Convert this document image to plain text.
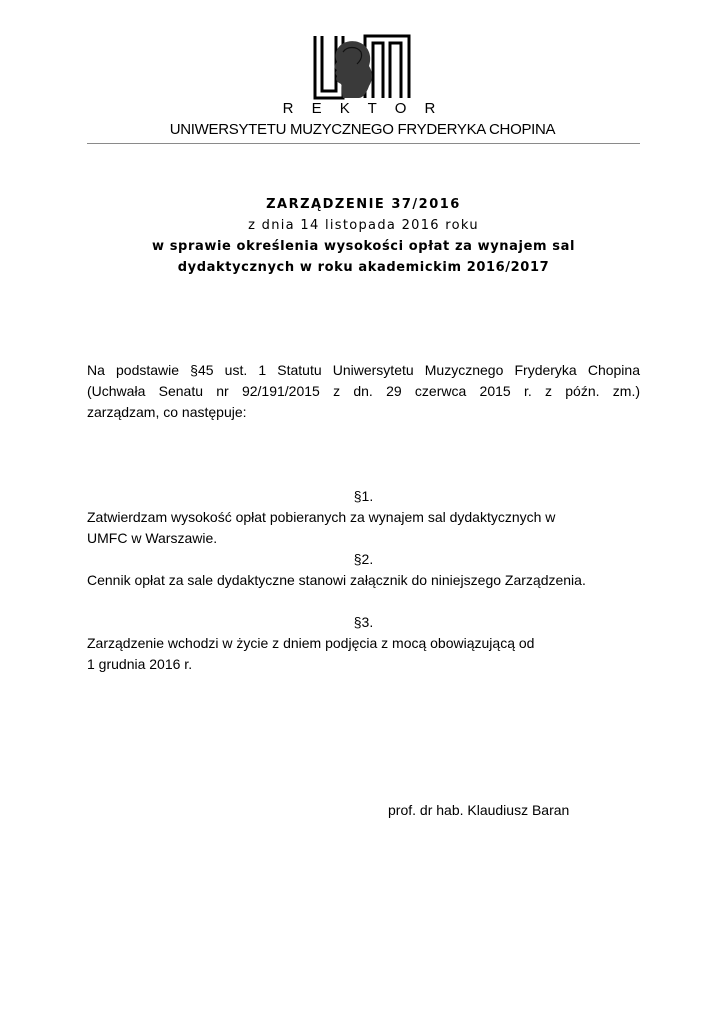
R E K T O R
UNIWERSYTETU MUZYCZNEGO FRYDERYKA CHOPINA
ZARZĄDZENIE 37/2016
z dnia 14 listopada 2016 roku
w sprawie określenia wysokości opłat za wynajem sal
dydaktycznych w roku akademickim 2016/2017
Na podstawie §45 ust. 1 Statutu Uniwersytetu Muzycznego Fryderyka Chopina
(Uchwała Senatu nr 92/191/2015 z dn. 29 czerwca 2015 r. z późn. zm.)
zarządzam, co następuje:
§1.
Zatwierdzam wysokość opłat pobieranych za wynajem sal dydaktycznych w
UMFC w Warszawie.
§2.
Cennik opłat za sale dydaktyczne stanowi załącznik do niniejszego Zarządzenia.
§3.
Zarządzenie wchodzi w życie z dniem podjęcia z mocą obowiązującą od
1 grudnia 2016 r.
prof. dr hab. Klaudiusz Baran
